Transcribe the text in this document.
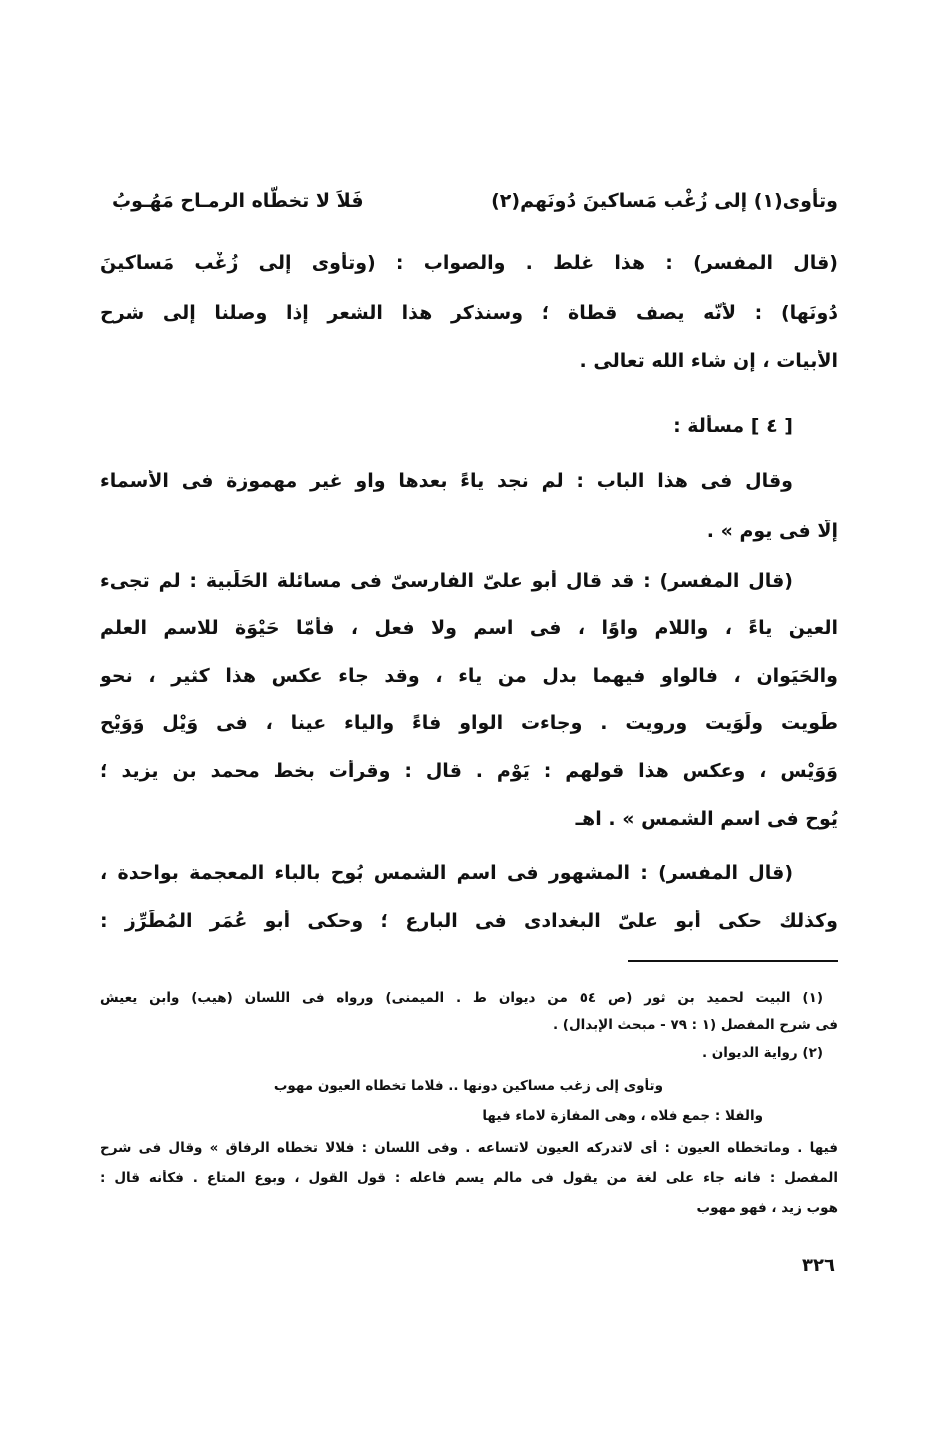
وتأوى(١) إلى زُغْب مَساكينَ دُونَهم(٢)
فَلاَ لا تخطّاه الرمـاح مَهُـوبُ
(قال المفسر) : هذا غلط . والصواب : (وتأوى إلى زُغْب مَساكينَ
دُونَها) : لأنّه يصف قطاة ؛ وسنذكر هذا الشعر إذا وصلنا إلى شرح
الأبيات ، إن شاء الله تعالى .
[ ٤ ] مسألة :
وقال فى هذا الباب : لم نجد ياءً بعدها واو غير مهموزة فى الأسماء
إلّا فى يوم » .
(قال المفسر) : قد قال أبو علىّ الفارسىّ فى مسائلة الحَلَبية : لم تجىء
العين ياءً ، واللام واوًا ، فى اسم ولا فعل ، فأمّا حَيْوَة للاسم العلم
والحَيَوان ، فالواو فيهما بدل من ياء ، وقد جاء عكس هذا كثير ، نحو
طَويت ولَوَيت ورويت . وجاءت الواو فاءً والياء عينا ، فى وَيْل وَوَيْح
وَوَيْس ، وعكس هذا قولهم : يَوْم . قال : وقرأت بخط محمد بن يزيد ؛
يُوح فى اسم الشمس » . اهـ
(قال المفسر) : المشهور فى اسم الشمس بُوح بالباء المعجمة بواحدة ،
وكذلك حكى أبو علىّ البغدادى فى البارع ؛ وحكى أبو عُمَر المُطَرِّز :
(١) البيت لحميد بن ثور (ص ٥٤ من ديوان ط . الميمنى) ورواه فى اللسان (هيب) وابن يعيش
فى شرح المفصل (١ : ٧٩ - مبحث الإبدال) .
(٢) رواية الديوان .
وتأوى إلى زغب مساكين دونها .. فلاما تخطاه العيون مهوب
والفلا : جمع فلاه ، وهى المفازة لاماء فيها
فيها . وماتخطاه العيون : أى لاتدركه العيون لاتساعه . وفى اللسان : فلالا تخطاه الرفاق » وقال فى شرح
المفصل : فانه جاء على لغة من يقول فى مالم يسم فاعله : قول القول ، وبوع المتاع . فكأنه قال :
هوب زيد ، فهو مهوب
٣٢٦
